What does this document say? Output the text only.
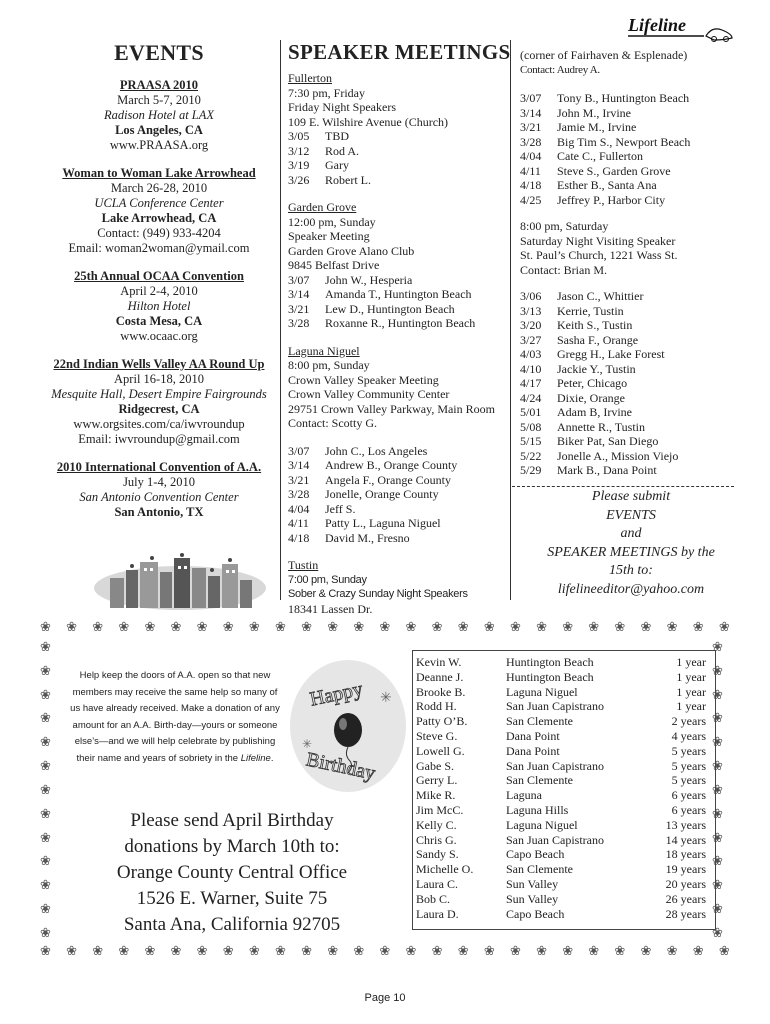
Lifeline
EVENTS
PRAASA 2010
March 5-7, 2010
Radison Hotel at LAX
Los Angeles, CA
www.PRAASA.org
Woman to Woman Lake Arrowhead
March 26-28, 2010
UCLA Conference Center
Lake Arrowhead, CA
Contact: (949) 933-4204
Email: woman2woman@ymail.com
25th Annual OCAA Convention
April 2-4, 2010
Hilton Hotel
Costa Mesa, CA
www.ocaac.org
22nd Indian Wells Valley AA Round Up
April 16-18, 2010
Mesquite Hall, Desert Empire Fairgrounds
Ridgecrest, CA
www.orgsites.com/ca/iwvroundup
Email: iwvroundup@gmail.com
2010 International Convention of A.A.
July 1-4, 2010
San Antonio Convention Center
San Antonio, TX
SPEAKER MEETINGS
Fullerton
7:30 pm, Friday
Friday Night Speakers
109 E. Wilshire Avenue (Church)
3/05	TBD
3/12	Rod A.
3/19	Gary
3/26	Robert L.
Garden Grove
12:00 pm, Sunday
Speaker Meeting
Garden Grove Alano Club
9845 Belfast Drive
3/07	John W., Hesperia
3/14	Amanda T., Huntington Beach
3/21	Lew D., Huntington Beach
3/28	Roxanne R., Huntington Beach
Laguna Niguel
8:00 pm, Sunday
Crown Valley Speaker Meeting
Crown Valley Community Center
29751 Crown Valley Parkway, Main Room
Contact: Scotty G.
3/07	John C., Los Angeles
3/14	Andrew B., Orange County
3/21	Angela F., Orange County
3/28	Jonelle, Orange County
4/04	Jeff S.
4/11	Patty L., Laguna Niguel
4/18	David M., Fresno
Tustin
7:00 pm, Sunday
Sober & Crazy Sunday Night Speakers
18341 Lassen Dr.
(corner of Fairhaven & Esplenade)
Contact: Audrey A.
3/07	Tony B., Huntington Beach
3/14	John M., Irvine
3/21	Jamie M., Irvine
3/28	Big Tim S., Newport Beach
4/04	Cate C., Fullerton
4/11	Steve S., Garden Grove
4/18	Esther B., Santa Ana
4/25	Jeffrey P., Harbor City
8:00 pm, Saturday
Saturday Night Visiting Speaker
St. Paul’s Church, 1221 Wass St.
Contact: Brian M.
3/06	Jason C., Whittier
3/13	Kerrie, Tustin
3/20	Keith S., Tustin
3/27	Sasha F., Orange
4/03	Gregg H., Lake Forest
4/10	Jackie Y., Tustin
4/17	Peter, Chicago
4/24	Dixie, Orange
5/01	Adam B, Irvine
5/08	Annette R., Tustin
5/15	Biker Pat, San Diego
5/22	Jonelle A., Mission Viejo
5/29	Mark B., Dana Point
Please submit
EVENTS
and
SPEAKER MEETINGS by the
15th to:
lifelineeditor@yahoo.com
❀ ❀ ❀ ❀ ❀ ❀ ❀ ❀ ❀ ❀ ❀ ❀ ❀ ❀ ❀ ❀ ❀ ❀ ❀ ❀ ❀ ❀ ❀ ❀ ❀ ❀ ❀
❀ ❀ ❀ ❀ ❀ ❀ ❀ ❀ ❀ ❀ ❀ ❀ ❀ ❀ ❀ ❀ ❀ ❀ ❀ ❀ ❀ ❀ ❀ ❀ ❀ ❀ ❀
❀
❀
❀
❀
❀
❀
❀
❀
❀
❀
❀
❀
❀
❀
❀
❀
❀
❀
❀
❀
❀
❀
❀
❀
❀
❀
Help keep the doors of A.A. open so that new members may receive the same help so many of us have already received. Make a donation of any amount for an A.A. Birth-day—yours or someone else’s—and we will help celebrate by publishing their name and years of sobriety in the Lifeline.
Happy
Birthday
✳
✳
Please send April Birthday
donations by March 10th to:
Orange County Central Office
1526 E. Warner, Suite 75
Santa Ana, California 92705
Kevin W.	Huntington Beach	1 year
Deanne J.	Huntington Beach	1 year
Brooke B.	Laguna Niguel	1 year
Rodd H.	San Juan Capistrano	1 year
Patty O’B.	San Clemente	2 years
Steve G.	Dana Point	4 years
Lowell G.	Dana Point	5 years
Gabe S.	San Juan Capistrano	5 years
Gerry L.	San Clemente	5 years
Mike R.	Laguna	6 years
Jim McC.	Laguna Hills	6 years
Kelly C.	Laguna Niguel	13 years
Chris G.	San Juan Capistrano	14 years
Sandy S.	Capo Beach	18 years
Michelle O.	San Clemente	19 years
Laura C.	Sun Valley	20 years
Bob C.	Sun Valley	26 years
Laura D.	Capo Beach	28 years
Page 10
